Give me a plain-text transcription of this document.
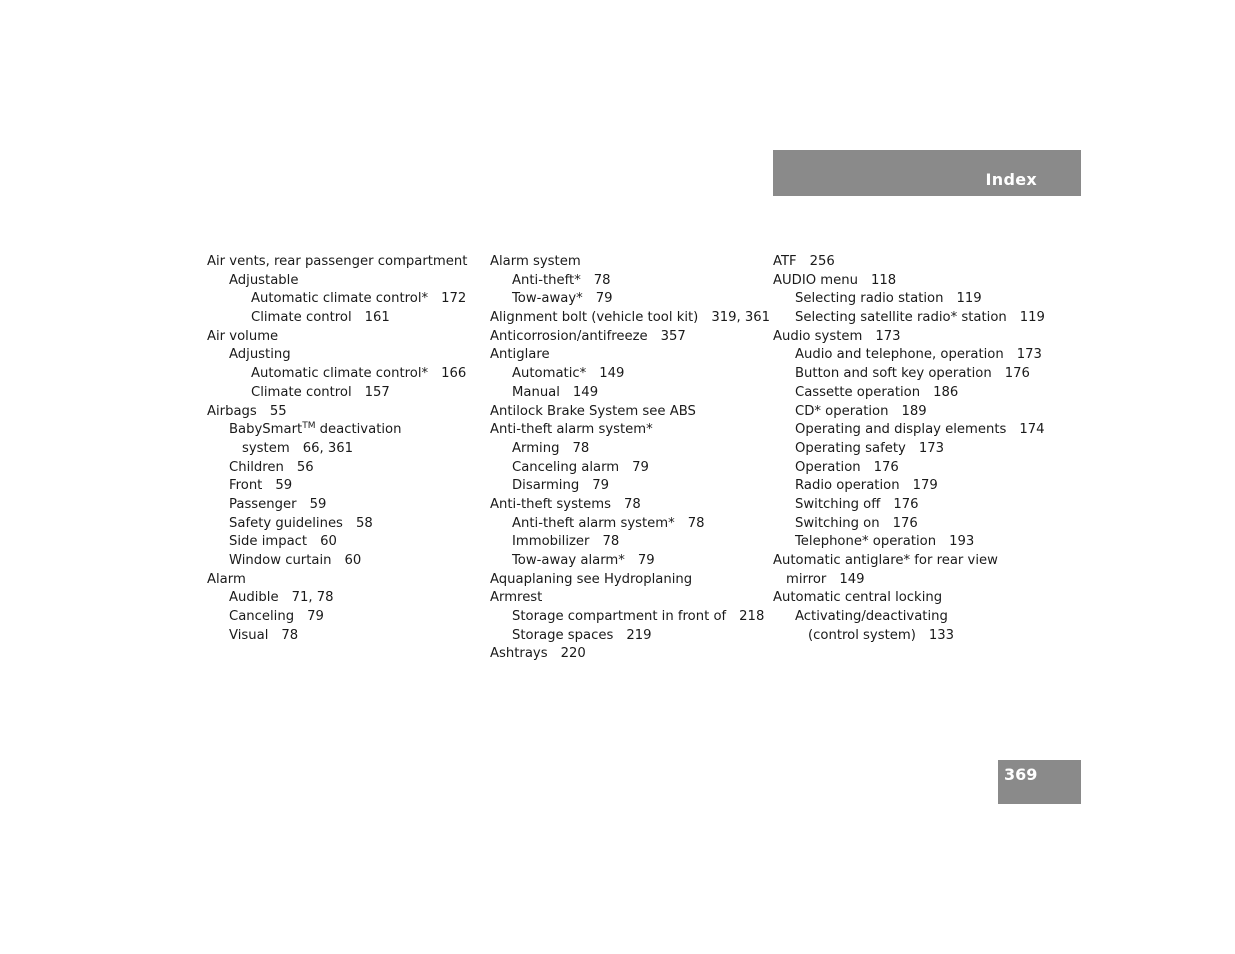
Index
Air vents, rear passenger compartment
Adjustable
Automatic climate control* 172
Climate control 161
Air volume
Adjusting
Automatic climate control* 166
Climate control 157
Airbags 55
BabySmart™ deactivation
system 66, 361
Children 56
Front 59
Passenger 59
Safety guidelines 58
Side impact 60
Window curtain 60
Alarm
Audible 71, 78
Canceling 79
Visual 78
Alarm system
Anti-theft* 78
Tow-away* 79
Alignment bolt (vehicle tool kit) 319, 361
Anticorrosion/antifreeze 357
Antiglare
Automatic* 149
Manual 149
Antilock Brake System see ABS
Anti-theft alarm system*
Arming 78
Canceling alarm 79
Disarming 79
Anti-theft systems 78
Anti-theft alarm system* 78
Immobilizer 78
Tow-away alarm* 79
Aquaplaning see Hydroplaning
Armrest
Storage compartment in front of 218
Storage spaces 219
Ashtrays 220
ATF 256
AUDIO menu 118
Selecting radio station 119
Selecting satellite radio* station 119
Audio system 173
Audio and telephone, operation 173
Button and soft key operation 176
Cassette operation 186
CD* operation 189
Operating and display elements 174
Operating safety 173
Operation 176
Radio operation 179
Switching off 176
Switching on 176
Telephone* operation 193
Automatic antiglare* for rear view
mirror 149
Automatic central locking
Activating/deactivating
(control system) 133
369
